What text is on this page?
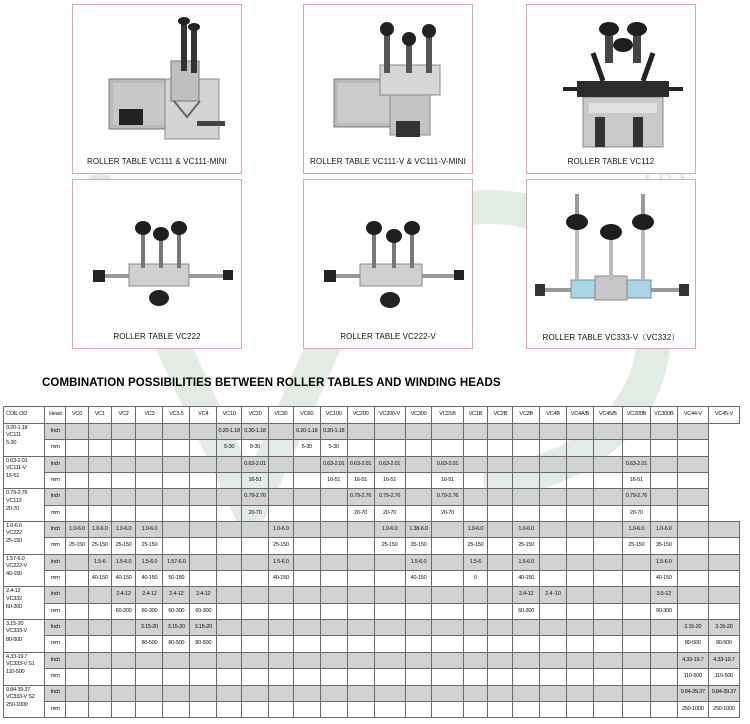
ROLLER TABLE VC111 & VC111-MINI	ROLLER TABLE VC111-V & VC111-V-MINI	ROLLER TABLE VC112
ROLLER TABLE VC222	ROLLER TABLE VC222-V	ROLLER TABLE VC333-V（VC332）
COMBINATION POSSIBILITIES BETWEEN ROLLER TABLES AND WINDING HEADS
COIL OD	Head	VC0	VC1	VC2	VC3	VC3.5	VC4	VC10	VC20	VC30	VC60	VC100	VC200	VC200-V	VC300	VC01B	VC1B	VC2B	VC3B	VC4B	VC4A/B	VC45/B	VC200B	VC300B	VC44-V	VC45-V

0.20-1.18
VC111
5-30	Inch							0.20-1.18	0.30-1.18		0.20-1.18	0.20-1.18														
	mm							5-30	8-30		5-30	5-30														

0.63-2.01
VC111-V
16-51	Inch								0.63-2.01			0.63-2.01	0.63-2.01	0.63-2.01		0.63-2.01							0.63-2.01			
	mm								16-51			16-51	16-51	16-51		16-51							16-51			

0.79-2.76
VC112
20-70	Inch								0.79-2.76				0.79-2.76	0.79-2.76		0.79-2.76							0.79-2.76			
	mm								20-70				20-70	20-70		20-70							20-70			

1.0-6.0
VC222
25-150	Inch	1.0-6.0	1.0-6.0	1.0-6.0	1.0-6.0					1.0-6.0				1.0-6.0	1.38-6.0		1.0-6.0		1.0-6.0				1.0-6.0	1.0-6.0		
	mm	25-150	25-150	25-150	25-150					25-150				25-150	35-150		25-150		25-150				25-150	35-150		

1.57-6.0
VC222-V
40-150	Inch		1.5-6	1.5-6.0	1.5-6.0	1.57-6.0				1.5-6.0					1.5-6.0		1.5-6		1.5-6.0					1.5-6.0		
	mm		40-150	40-150	40-150	50-150				40-150					40-150		0		40-150					40-150		

2.4-12
VC332
60-300	Inch			2.4-12	2.4-12	2.4-12	2.4-12												2.4-12	2.4 -10				3.5-12		
	mm			60-300	60-300	60-300	60-300												60-300					90-300		

3.15-20
VC333-V
80-500	Inch				3.15-20	3.15-20	3.15-20																		3.15-20	3.15-20
	mm				80-500	80-500	80-500																		80-500	80-500

4.33-19.7
VC333-V S1
110-500	Inch																								4.33-19.7	4.33-19.7
	mm																								110-500	110-500

9.84-39.37
VC333-V S2
250-1000	Inch																								9.84-39.37	9.84-39.37
	mm																								250-1000	250-1000
